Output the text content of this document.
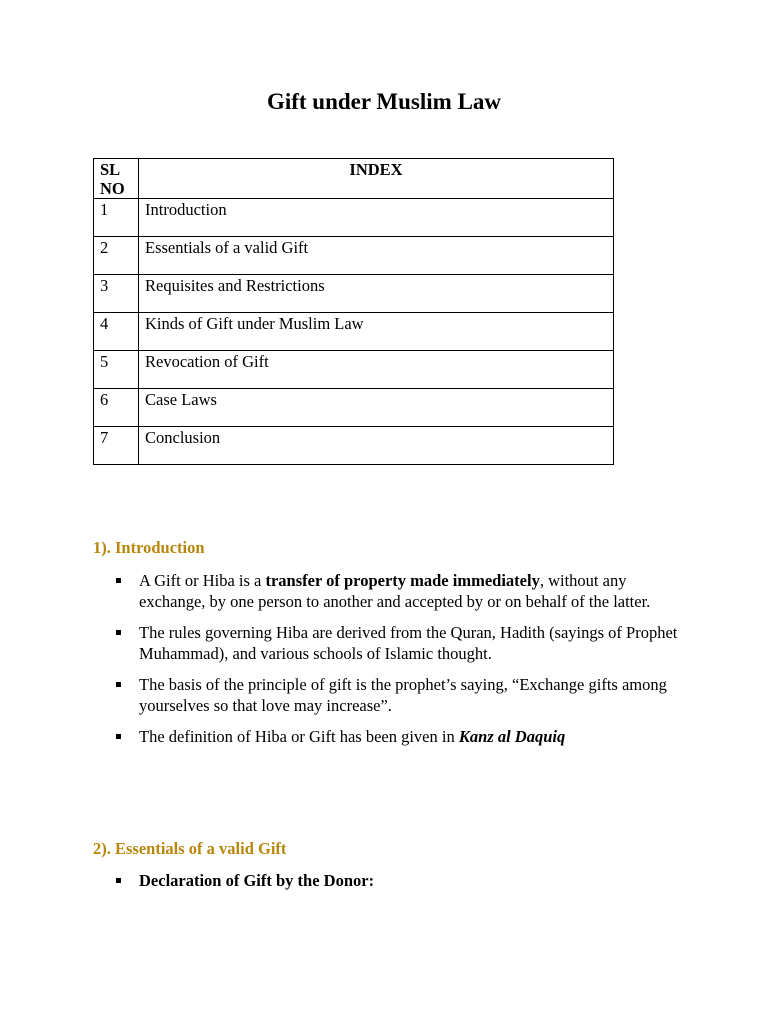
Gift under Muslim Law
SL NO	INDEX
1	Introduction
2	Essentials of a valid Gift
3	Requisites and Restrictions
4	Kinds of Gift under Muslim Law
5	Revocation of Gift
6	Case Laws
7	Conclusion
1). Introduction
A Gift or Hiba is a transfer of property made immediately, without any exchange, by one person to another and accepted by or on behalf of the latter.
The rules governing Hiba are derived from the Quran, Hadith (sayings of Prophet Muhammad), and various schools of Islamic thought.
The basis of the principle of gift is the prophet’s saying, “Exchange gifts among yourselves so that love may increase”.
The definition of Hiba or Gift has been given in Kanz al Daquiq
2). Essentials of a valid Gift
Declaration of Gift by the Donor:
